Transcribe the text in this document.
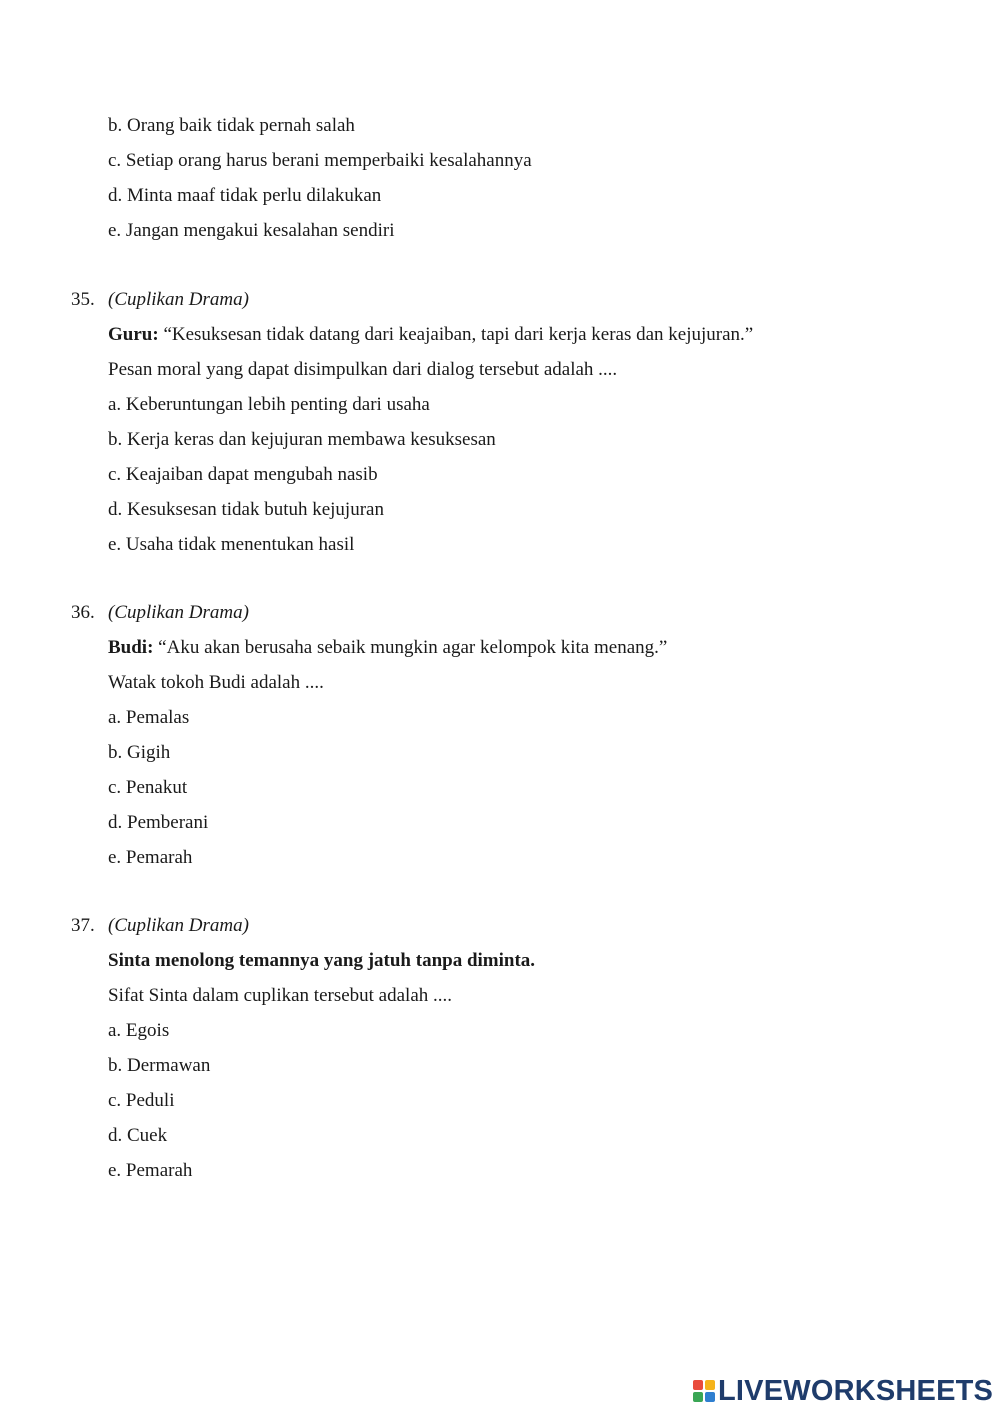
b. Orang baik tidak pernah salah
c. Setiap orang harus berani memperbaiki kesalahannya
d. Minta maaf tidak perlu dilakukan
e. Jangan mengakui kesalahan sendiri
35. (Cuplikan Drama)
Guru: “Kesuksesan tidak datang dari keajaiban, tapi dari kerja keras dan kejujuran.”
Pesan moral yang dapat disimpulkan dari dialog tersebut adalah ....
a. Keberuntungan lebih penting dari usaha
b. Kerja keras dan kejujuran membawa kesuksesan
c. Keajaiban dapat mengubah nasib
d. Kesuksesan tidak butuh kejujuran
e. Usaha tidak menentukan hasil
36. (Cuplikan Drama)
Budi: “Aku akan berusaha sebaik mungkin agar kelompok kita menang.”
Watak tokoh Budi adalah ....
a. Pemalas
b. Gigih
c. Penakut
d. Pemberani
e. Pemarah
37. (Cuplikan Drama)
Sinta menolong temannya yang jatuh tanpa diminta.
Sifat Sinta dalam cuplikan tersebut adalah ....
a. Egois
b. Dermawan
c. Peduli
d. Cuek
e. Pemarah
LIVEWORKSHEETS
